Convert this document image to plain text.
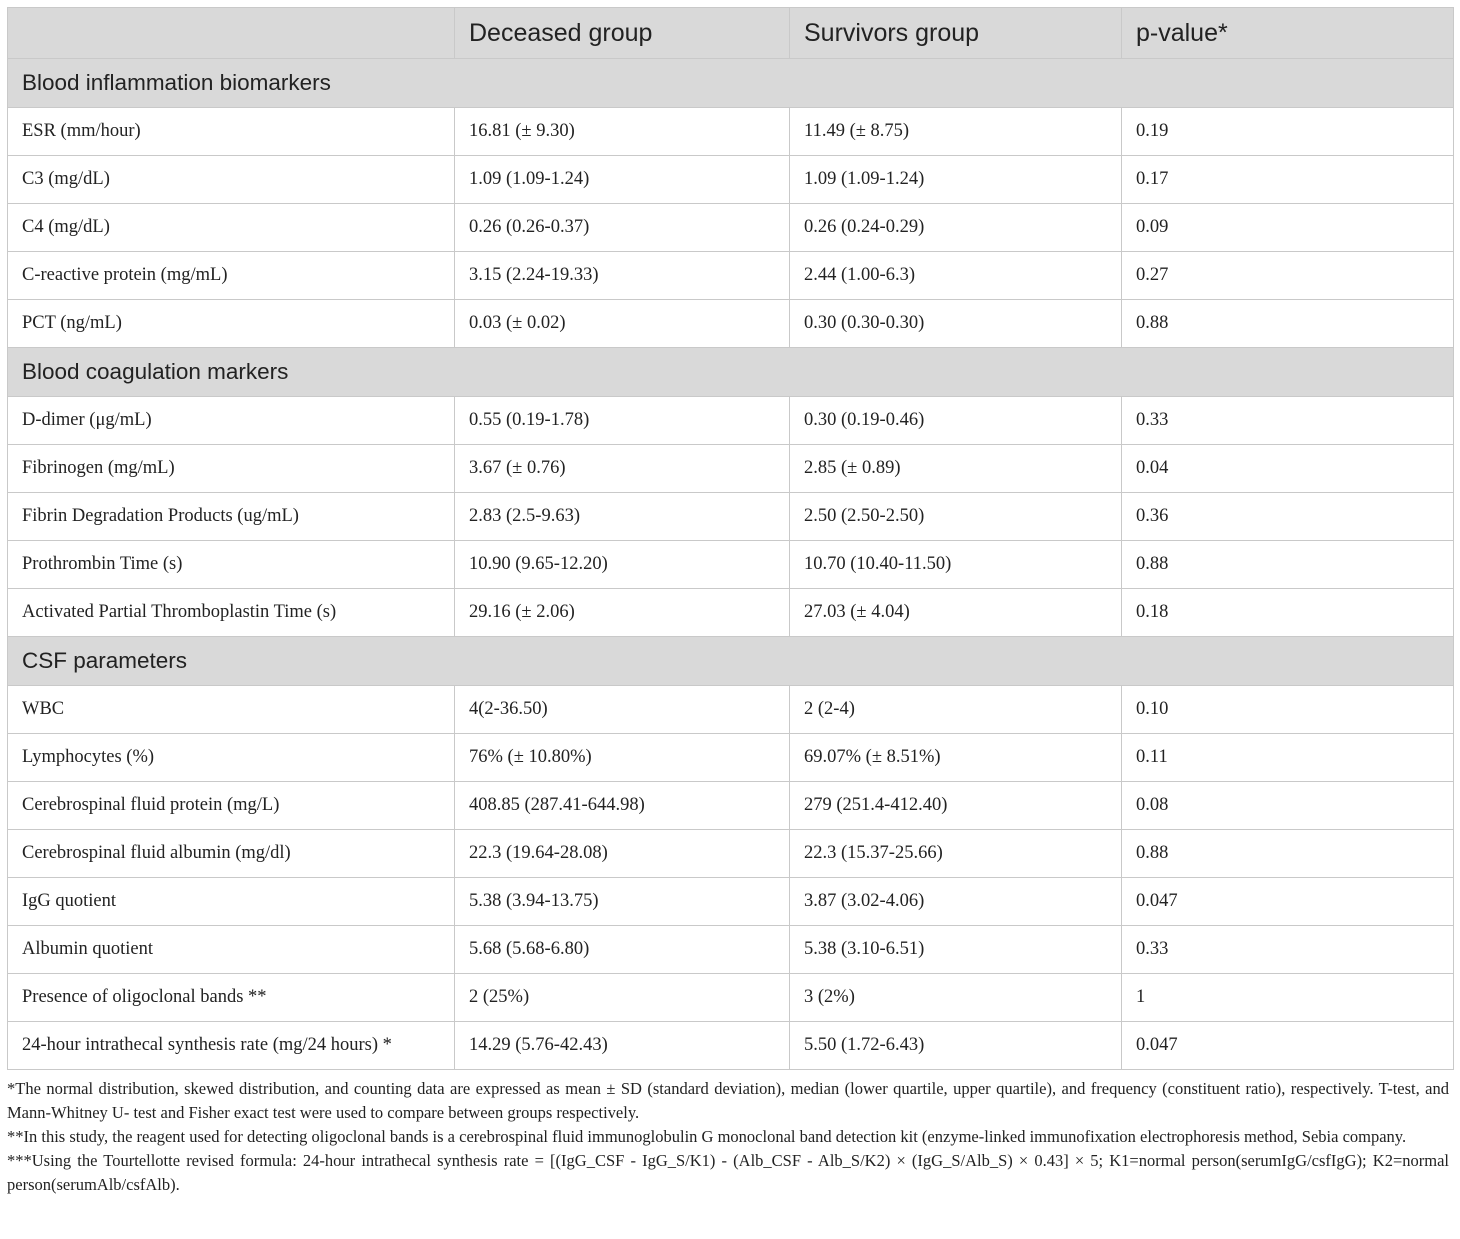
	Deceased group	Survivors group	p-value*
Blood inflammation biomarkers			
ESR (mm/hour)	16.81 (± 9.30)	11.49 (± 8.75)	0.19
C3 (mg/dL)	1.09 (1.09-1.24)	1.09 (1.09-1.24)	0.17
C4 (mg/dL)	0.26 (0.26-0.37)	0.26 (0.24-0.29)	0.09
C-reactive protein (mg/mL)	3.15 (2.24-19.33)	2.44 (1.00-6.3)	0.27
PCT (ng/mL)	0.03 (± 0.02)	0.30 (0.30-0.30)	0.88
Blood coagulation markers			
D-dimer (μg/mL)	0.55 (0.19-1.78)	0.30 (0.19-0.46)	0.33
Fibrinogen (mg/mL)	3.67 (± 0.76)	2.85 (± 0.89)	0.04
Fibrin Degradation Products (ug/mL)	2.83 (2.5-9.63)	2.50 (2.50-2.50)	0.36
Prothrombin Time (s)	10.90 (9.65-12.20)	10.70 (10.40-11.50)	0.88
Activated Partial Thromboplastin Time (s)	29.16 (± 2.06)	27.03 (± 4.04)	0.18
CSF parameters			
WBC	4(2-36.50)	2 (2-4)	0.10
Lymphocytes (%)	76% (± 10.80%)	69.07% (± 8.51%)	0.11
Cerebrospinal fluid protein (mg/L)	408.85 (287.41-644.98)	279 (251.4-412.40)	0.08
Cerebrospinal fluid albumin (mg/dl)	22.3 (19.64-28.08)	22.3 (15.37-25.66)	0.88
IgG quotient	5.38 (3.94-13.75)	3.87 (3.02-4.06)	0.047
Albumin quotient	5.68 (5.68-6.80)	5.38 (3.10-6.51)	0.33
Presence of oligoclonal bands **	2 (25%)	3 (2%)	1
24-hour intrathecal synthesis rate (mg/24 hours) *	14.29 (5.76-42.43)	5.50 (1.72-6.43)	0.047

*The normal distribution, skewed distribution, and counting data are expressed as mean ± SD (standard deviation), median (lower quartile, upper quartile), and frequency (constituent ratio), respectively. T-test, and Mann-Whitney U- test and Fisher exact test were used to compare between groups respectively.

**In this study, the reagent used for detecting oligoclonal bands is a cerebrospinal fluid immunoglobulin G monoclonal band detection kit (enzyme-linked immunofixation electrophoresis method, Sebia company.

***Using the Tourtellotte revised formula: 24-hour intrathecal synthesis rate = [(IgG_CSF - IgG_S/K1) - (Alb_CSF - Alb_S/K2) × (IgG_S/Alb_S) × 0.43] × 5; K1=normal person(serumIgG/csfIgG); K2=normal person(serumAlb/csfAlb).
